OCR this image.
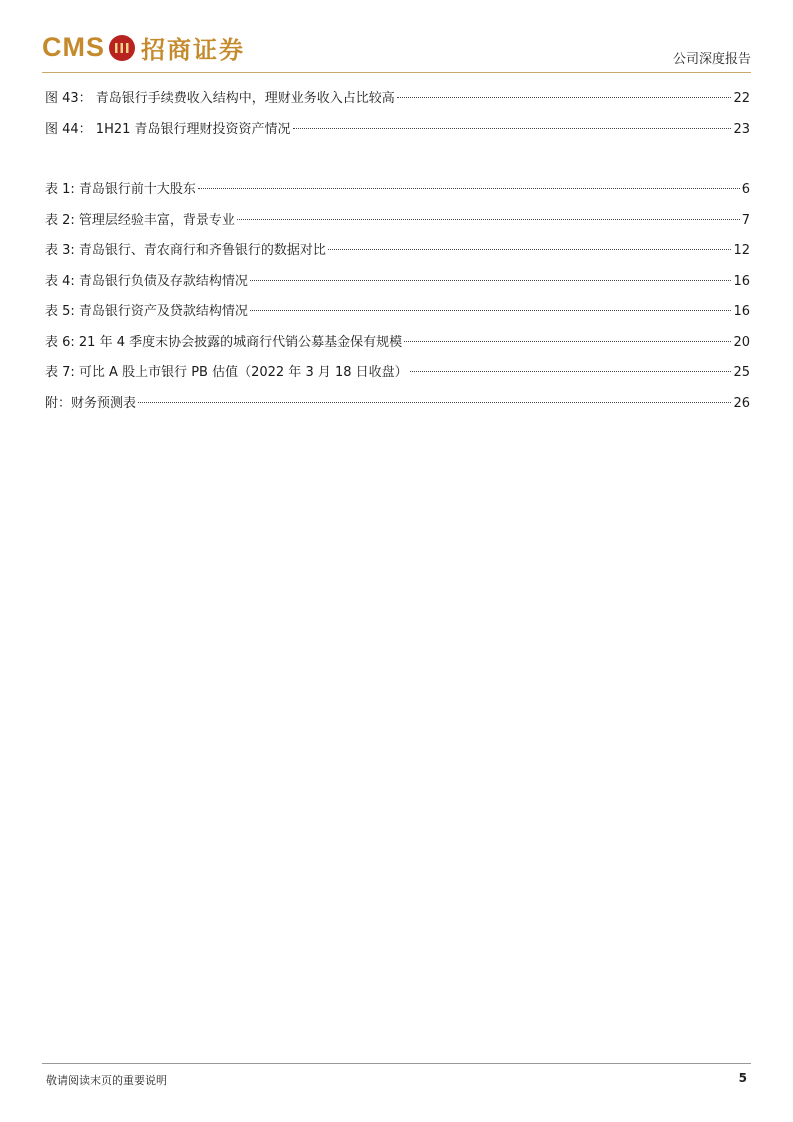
CMS 招商证券	公司深度报告
图 43： 青岛银行手续费收入结构中，理财业务收入占比较高	22
图 44： 1H21 青岛银行理财投资资产情况	23
表 1: 青岛银行前十大股东	6
表 2: 管理层经验丰富，背景专业	7
表 3: 青岛银行、青农商行和齐鲁银行的数据对比	12
表 4: 青岛银行负债及存款结构情况	16
表 5: 青岛银行资产及贷款结构情况	16
表 6: 21 年 4 季度末协会披露的城商行代销公募基金保有规模	20
表 7: 可比 A 股上市银行 PB 估值（2022 年 3 月 18 日收盘）	25
附：财务预测表	26
敬请阅读末页的重要说明	5
